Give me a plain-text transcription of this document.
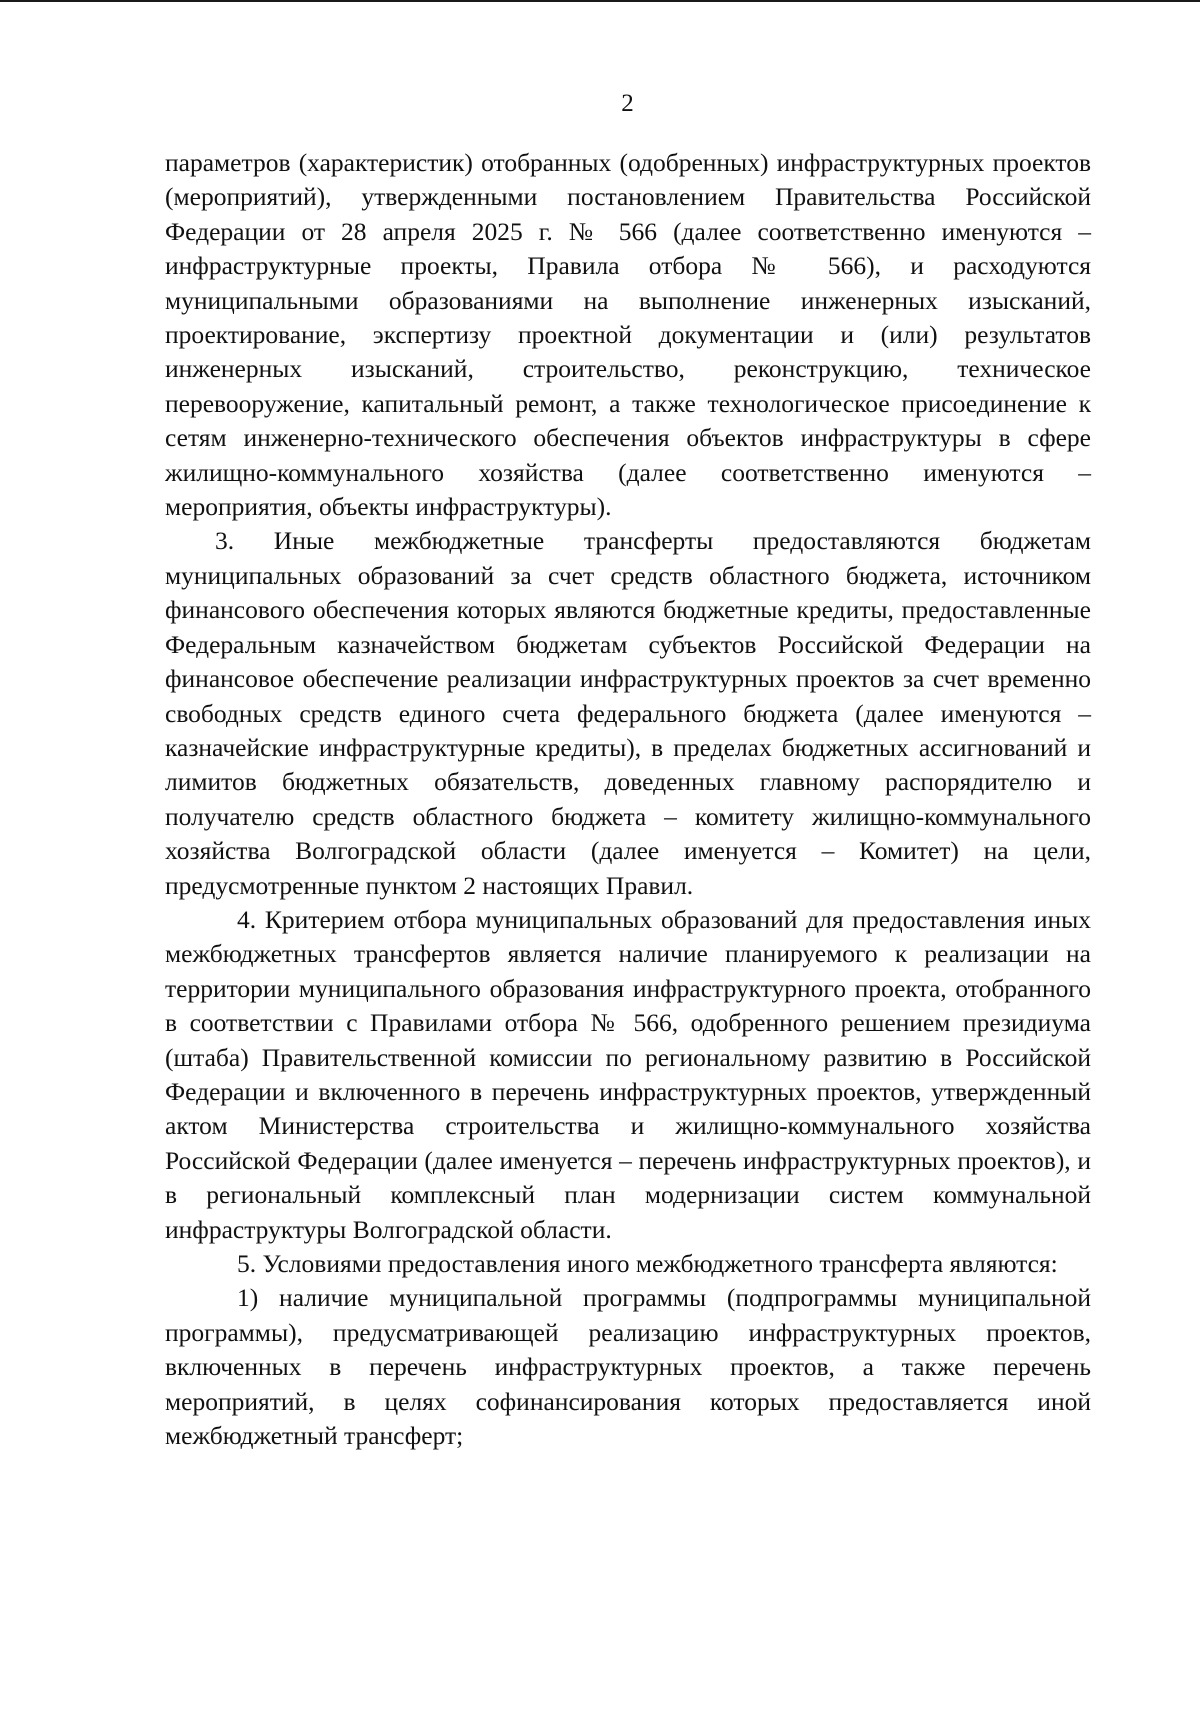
2

параметров (характеристик) отобранных (одобренных) инфраструктурных проектов (мероприятий), утвержденными постановлением Правительства Российской Федерации от 28 апреля 2025 г. № 566 (далее соответственно именуются – инфраструктурные проекты, Правила отбора № 566), и расходуются муниципальными образованиями на выполнение инженерных изысканий, проектирование, экспертизу проектной документации и (или) результатов инженерных изысканий, строительство, реконструкцию, техническое перевооружение, капитальный ремонт, а также технологическое присоединение к сетям инженерно-технического обеспечения объектов инфраструктуры в сфере жилищно-коммунального хозяйства (далее соответственно именуются – мероприятия, объекты инфраструктуры).

3. Иные межбюджетные трансферты предоставляются бюджетам муниципальных образований за счет средств областного бюджета, источником финансового обеспечения которых являются бюджетные кредиты, предоставленные Федеральным казначейством бюджетам субъектов Российской Федерации на финансовое обеспечение реализации инфраструктурных проектов за счет временно свободных средств единого счета федерального бюджета (далее именуются – казначейские инфраструктурные кредиты), в пределах бюджетных ассигнований и лимитов бюджетных обязательств, доведенных главному распорядителю и получателю средств областного бюджета – комитету жилищно-коммунального хозяйства Волгоградской области (далее именуется – Комитет) на цели, предусмотренные пунктом 2 настоящих Правил.

4. Критерием отбора муниципальных образований для предоставления иных межбюджетных трансфертов является наличие планируемого к реализации на территории муниципального образования инфраструктурного проекта, отобранного в соответствии с Правилами отбора № 566, одобренного решением президиума (штаба) Правительственной комиссии по региональному развитию в Российской Федерации и включенного в перечень инфраструктурных проектов, утвержденный актом Министерства строительства и жилищно-коммунального хозяйства Российской Федерации (далее именуется – перечень инфраструктурных проектов), и в региональный комплексный план модернизации систем коммунальной инфраструктуры Волгоградской области.

5. Условиями предоставления иного межбюджетного трансферта являются:

1) наличие муниципальной программы (подпрограммы муниципальной программы), предусматривающей реализацию инфраструктурных проектов, включенных в перечень инфраструктурных проектов, а также перечень мероприятий, в целях софинансирования которых предоставляется иной межбюджетный трансферт;
